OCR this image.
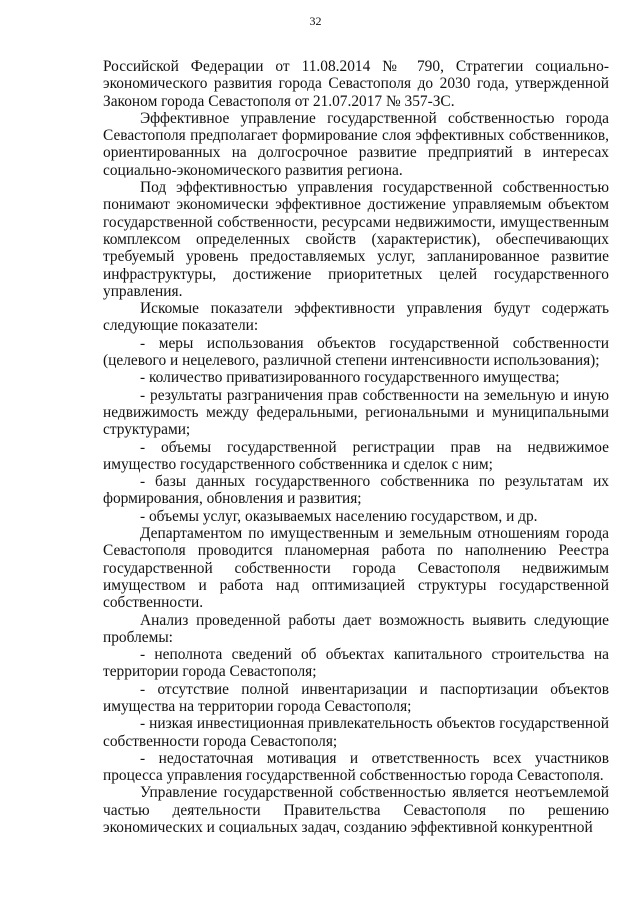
32

Российской Федерации от 11.08.2014 № 790, Стратегии социально-экономического развития города Севастополя до 2030 года, утвержденной Законом города Севастополя от 21.07.2017 № 357-ЗС.

Эффективное управление государственной собственностью города Севастополя предполагает формирование слоя эффективных собственников, ориентированных на долгосрочное развитие предприятий в интересах социально-экономического развития региона.

Под эффективностью управления государственной собственностью понимают экономически эффективное достижение управляемым объектом государственной собственности, ресурсами недвижимости, имущественным комплексом определенных свойств (характеристик), обеспечивающих требуемый уровень предоставляемых услуг, запланированное развитие инфраструктуры, достижение приоритетных целей государственного управления.

Искомые показатели эффективности управления будут содержать следующие показатели:

- меры использования объектов государственной собственности (целевого и нецелевого, различной степени интенсивности использования);

- количество приватизированного государственного имущества;

- результаты разграничения прав собственности на земельную и иную недвижимость между федеральными, региональными и муниципальными структурами;

- объемы государственной регистрации прав на недвижимое имущество государственного собственника и сделок с ним;

- базы данных государственного собственника по результатам их формирования, обновления и развития;

- объемы услуг, оказываемых населению государством, и др.

Департаментом по имущественным и земельным отношениям города Севастополя проводится планомерная работа по наполнению Реестра государственной собственности города Севастополя недвижимым имуществом и работа над оптимизацией структуры государственной собственности.

Анализ проведенной работы дает возможность выявить следующие проблемы:

- неполнота сведений об объектах капитального строительства на территории города Севастополя;

- отсутствие полной инвентаризации и паспортизации объектов имущества на территории города Севастополя;

- низкая инвестиционная привлекательность объектов государственной собственности города Севастополя;

- недостаточная мотивация и ответственность всех участников процесса управления государственной собственностью города Севастополя.

Управление государственной собственностью является неотъемлемой частью деятельности Правительства Севастополя по решению экономических и социальных задач, созданию эффективной конкурентной
